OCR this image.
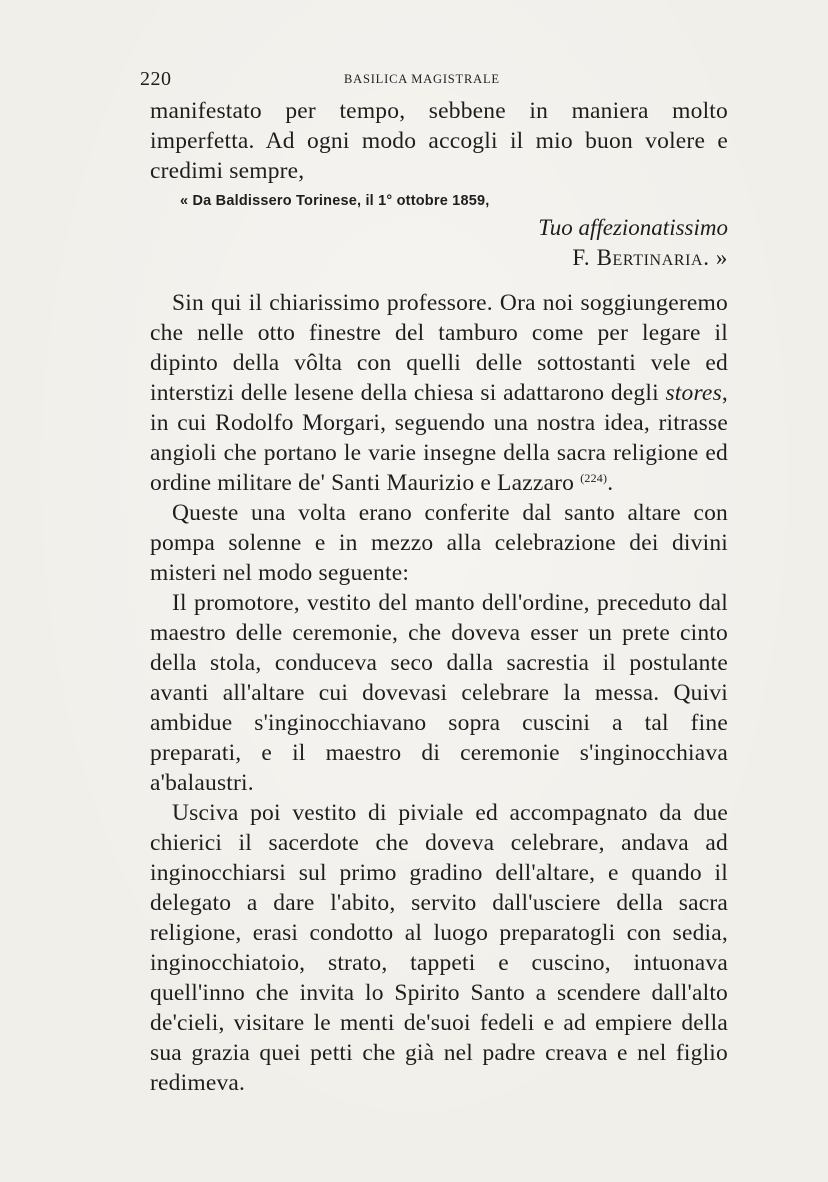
220	BASILICA MAGISTRALE
manifestato per tempo, sebbene in maniera molto imperfetta. Ad ogni modo accogli il mio buon volere e credimi sempre,
« Da Baldissero Torinese, il 1° ottobre 1859,
Tuo affezionatissimo
F. Bertinaria. »

Sin qui il chiarissimo professore. Ora noi soggiungeremo che nelle otto finestre del tamburo come per legare il dipinto della vôlta con quelli delle sottostanti vele ed interstizi delle lesene della chiesa si adattarono degli stores, in cui Rodolfo Morgari, seguendo una nostra idea, ritrasse angioli che portano le varie insegne della sacra religione ed ordine militare de' Santi Maurizio e Lazzaro $^{(224)}$.

Queste una volta erano conferite dal santo altare con pompa solenne e in mezzo alla celebrazione dei divini misteri nel modo seguente:

Il promotore, vestito del manto dell'ordine, preceduto dal maestro delle ceremonie, che doveva esser un prete cinto della stola, conduceva seco dalla sacrestia il postulante avanti all'altare cui dovevasi celebrare la messa. Quivi ambidue s'inginocchiavano sopra cuscini a tal fine preparati, e il maestro di ceremonie s'inginocchiava a'balaustri.

Usciva poi vestito di piviale ed accompagnato da due chierici il sacerdote che doveva celebrare, andava ad inginocchiarsi sul primo gradino dell'altare, e quando il delegato a dare l'abito, servito dall'usciere della sacra religione, erasi condotto al luogo preparatogli con sedia, inginocchiatoio, strato, tappeti e cuscino, intuonava quell'inno che invita lo Spirito Santo a scendere dall'alto de'cieli, visitare le menti de'suoi fedeli e ad empiere della sua grazia quei petti che già nel padre creava e nel figlio redimeva.
